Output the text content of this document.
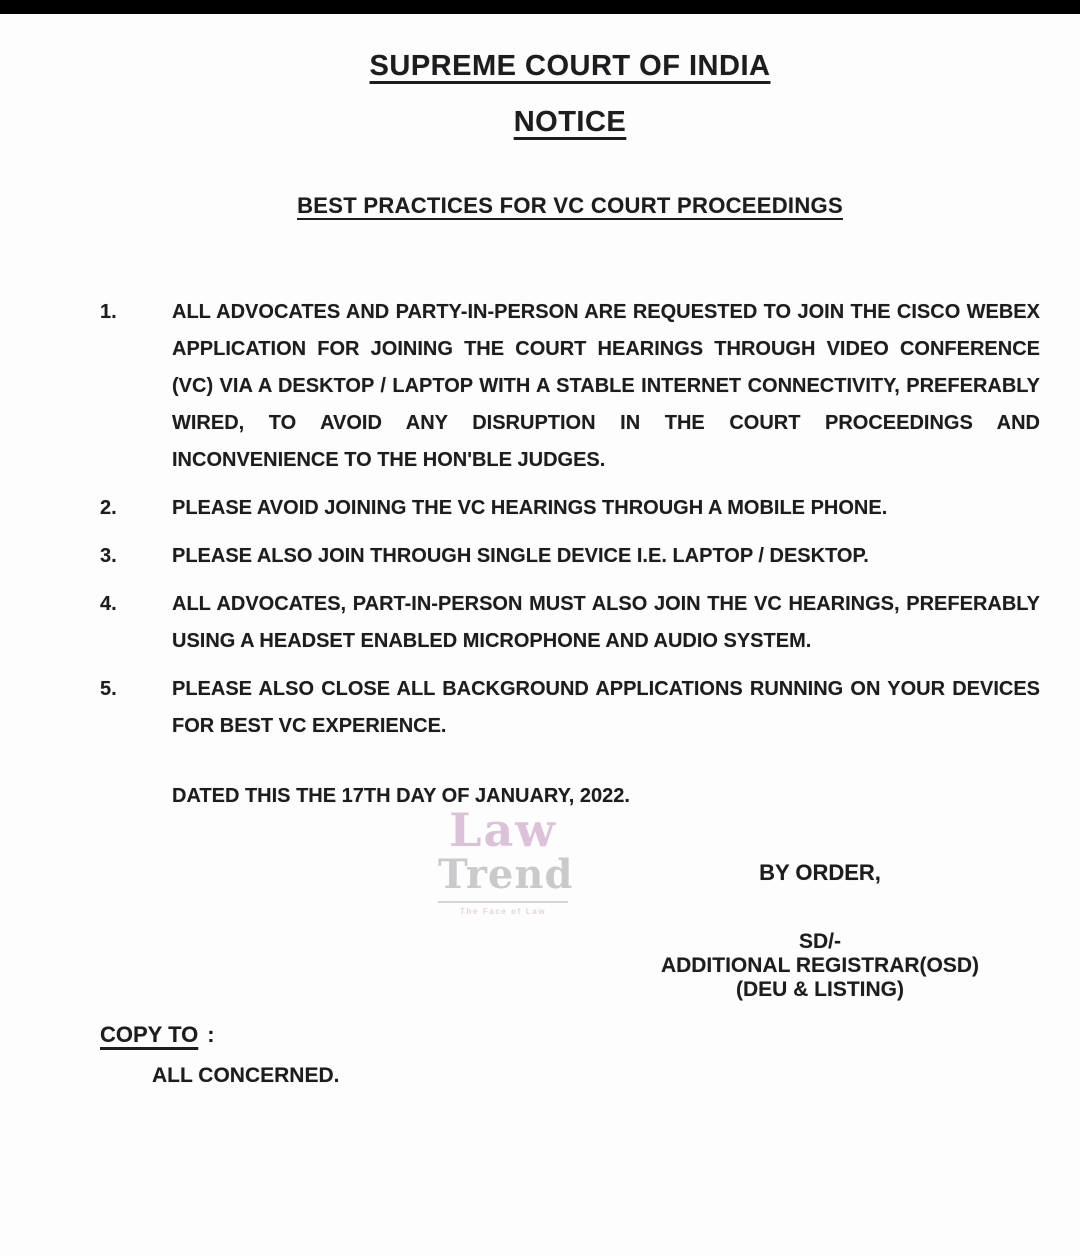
SUPREME COURT OF INDIA
NOTICE
BEST PRACTICES FOR VC COURT PROCEEDINGS
1.	ALL ADVOCATES AND PARTY-IN-PERSON ARE REQUESTED TO JOIN THE CISCO WEBEX APPLICATION FOR JOINING THE COURT HEARINGS THROUGH VIDEO CONFERENCE (VC) VIA A DESKTOP / LAPTOP WITH A STABLE INTERNET CONNECTIVITY, PREFERABLY WIRED, TO AVOID ANY DISRUPTION IN THE COURT PROCEEDINGS AND INCONVENIENCE TO THE HON'BLE JUDGES.
2.	PLEASE AVOID JOINING THE VC HEARINGS THROUGH A MOBILE PHONE.
3.	PLEASE ALSO JOIN THROUGH SINGLE DEVICE I.E. LAPTOP / DESKTOP.
4.	ALL ADVOCATES, PART-IN-PERSON MUST ALSO JOIN THE VC HEARINGS, PREFERABLY USING A HEADSET ENABLED MICROPHONE AND AUDIO SYSTEM.
5.	PLEASE ALSO CLOSE ALL BACKGROUND APPLICATIONS RUNNING ON YOUR DEVICES FOR BEST VC EXPERIENCE.

DATED THIS THE 17TH DAY OF JANUARY, 2022.

BY ORDER,

SD/-

ADDITIONAL REGISTRAR(OSD)

(DEU & LISTING)

COPY TO :

ALL CONCERNED.

Law
Trend
The Face of Law
